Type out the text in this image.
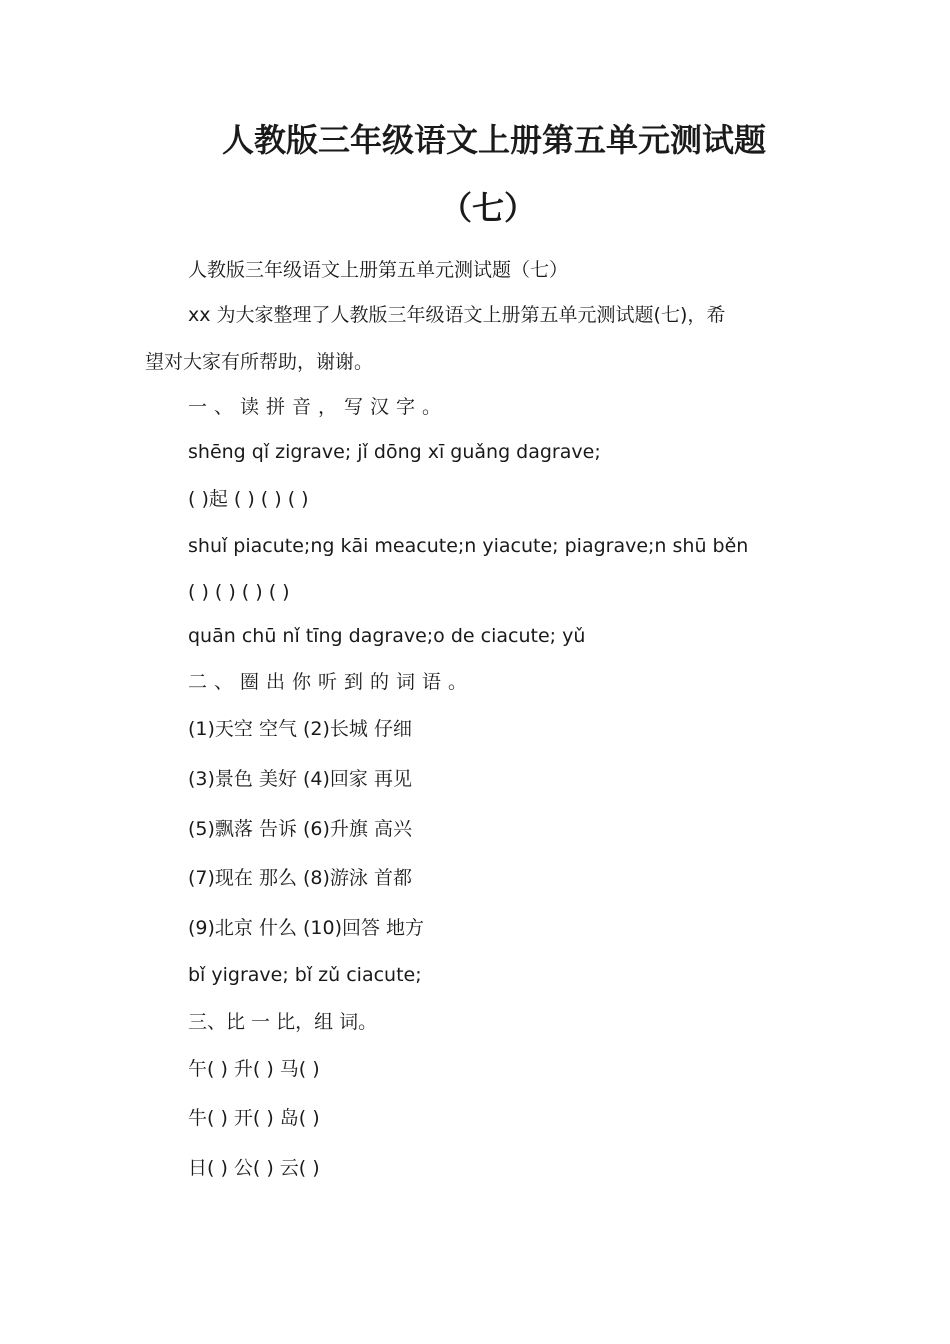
人教版三年级语文上册第五单元测试题
（七）
人教版三年级语文上册第五单元测试题（七）
xx 为大家整理了人教版三年级语文上册第五单元测试题(七)，希
望对大家有所帮助，谢谢。
一、读拼音，写汉字。
shēng qǐ zigrave; jǐ dōng xī guǎng dagrave;
( )起 ( ) ( ) ( )
shuǐ piacute;ng kāi meacute;n yiacute; piagrave;n shū běn
( ) ( ) ( ) ( )
quān chū nǐ tīng dagrave;o de ciacute; yǔ
二、圈出你听到的词语。
(1)天空 空气 (2)长城 仔细
(3)景色 美好 (4)回家 再见
(5)飘落 告诉 (6)升旗 高兴
(7)现在 那么 (8)游泳 首都
(9)北京 什么 (10)回答 地方
bǐ yigrave; bǐ zǔ ciacute;
三、比 一 比，组 词。
午( ) 升( ) 马( )
牛( ) 开( ) 岛( )
日( ) 公( ) 云( )
